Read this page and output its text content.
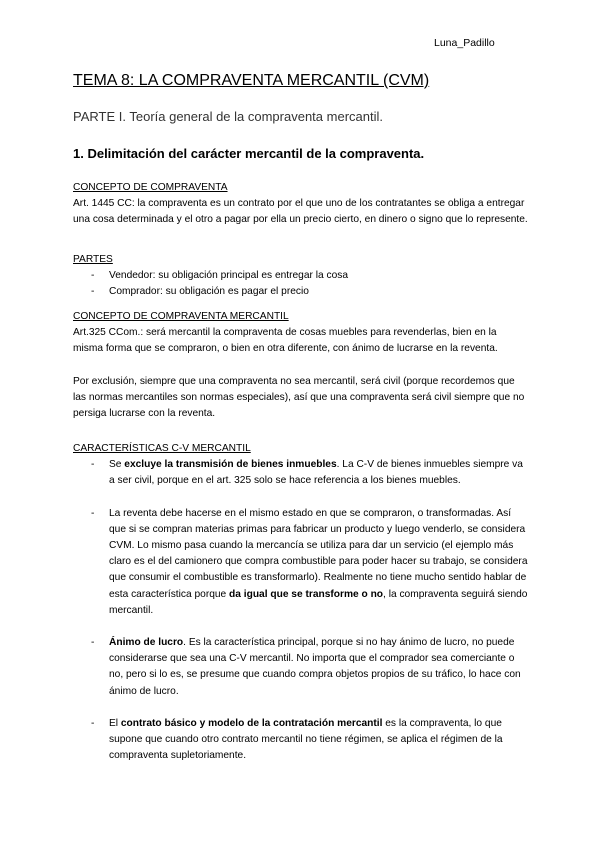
Luna_Padillo
TEMA 8: LA COMPRAVENTA MERCANTIL (CVM)
PARTE I. Teoría general de la compraventa mercantil.
1. Delimitación del carácter mercantil de la compraventa.
CONCEPTO DE COMPRAVENTA
Art. 1445 CC: la compraventa es un contrato por el que uno de los contratantes se obliga a entregar una cosa determinada y el otro a pagar por ella un precio cierto, en dinero o signo que lo represente.
PARTES
- Vendedor: su obligación principal es entregar la cosa
- Comprador: su obligación es pagar el precio
CONCEPTO DE COMPRAVENTA MERCANTIL

Art.325 CCom.: será mercantil la compraventa de cosas muebles para revenderlas, bien en la misma forma que se compraron, o bien en otra diferente, con ánimo de lucrarse en la reventa.

Por exclusión, siempre que una compraventa no sea mercantil, será civil (porque recordemos que las normas mercantiles son normas especiales), así que una compraventa será civil siempre que no persiga lucrarse con la reventa.

CARACTERÍSTICAS C-V MERCANTIL
- Se excluye la transmisión de bienes inmuebles. La C-V de bienes inmuebles siempre va a ser civil, porque en el art. 325 solo se hace referencia a los bienes muebles.
- La reventa debe hacerse en el mismo estado en que se compraron, o transformadas. Así que si se compran materias primas para fabricar un producto y luego venderlo, se considera CVM. Lo mismo pasa cuando la mercancía se utiliza para dar un servicio (el ejemplo más claro es el del camionero que compra combustible para poder hacer su trabajo, se considera que consumir el combustible es transformarlo). Realmente no tiene mucho sentido hablar de esta característica porque da igual que se transforme o no, la compraventa seguirá siendo mercantil.
- Ánimo de lucro. Es la característica principal, porque si no hay ánimo de lucro, no puede considerarse que sea una C-V mercantil. No importa que el comprador sea comerciante o no, pero si lo es, se presume que cuando compra objetos propios de su tráfico, lo hace con ánimo de lucro.
- El contrato básico y modelo de la contratación mercantil es la compraventa, lo que supone que cuando otro contrato mercantil no tiene régimen, se aplica el régimen de la compraventa supletoriamente.
